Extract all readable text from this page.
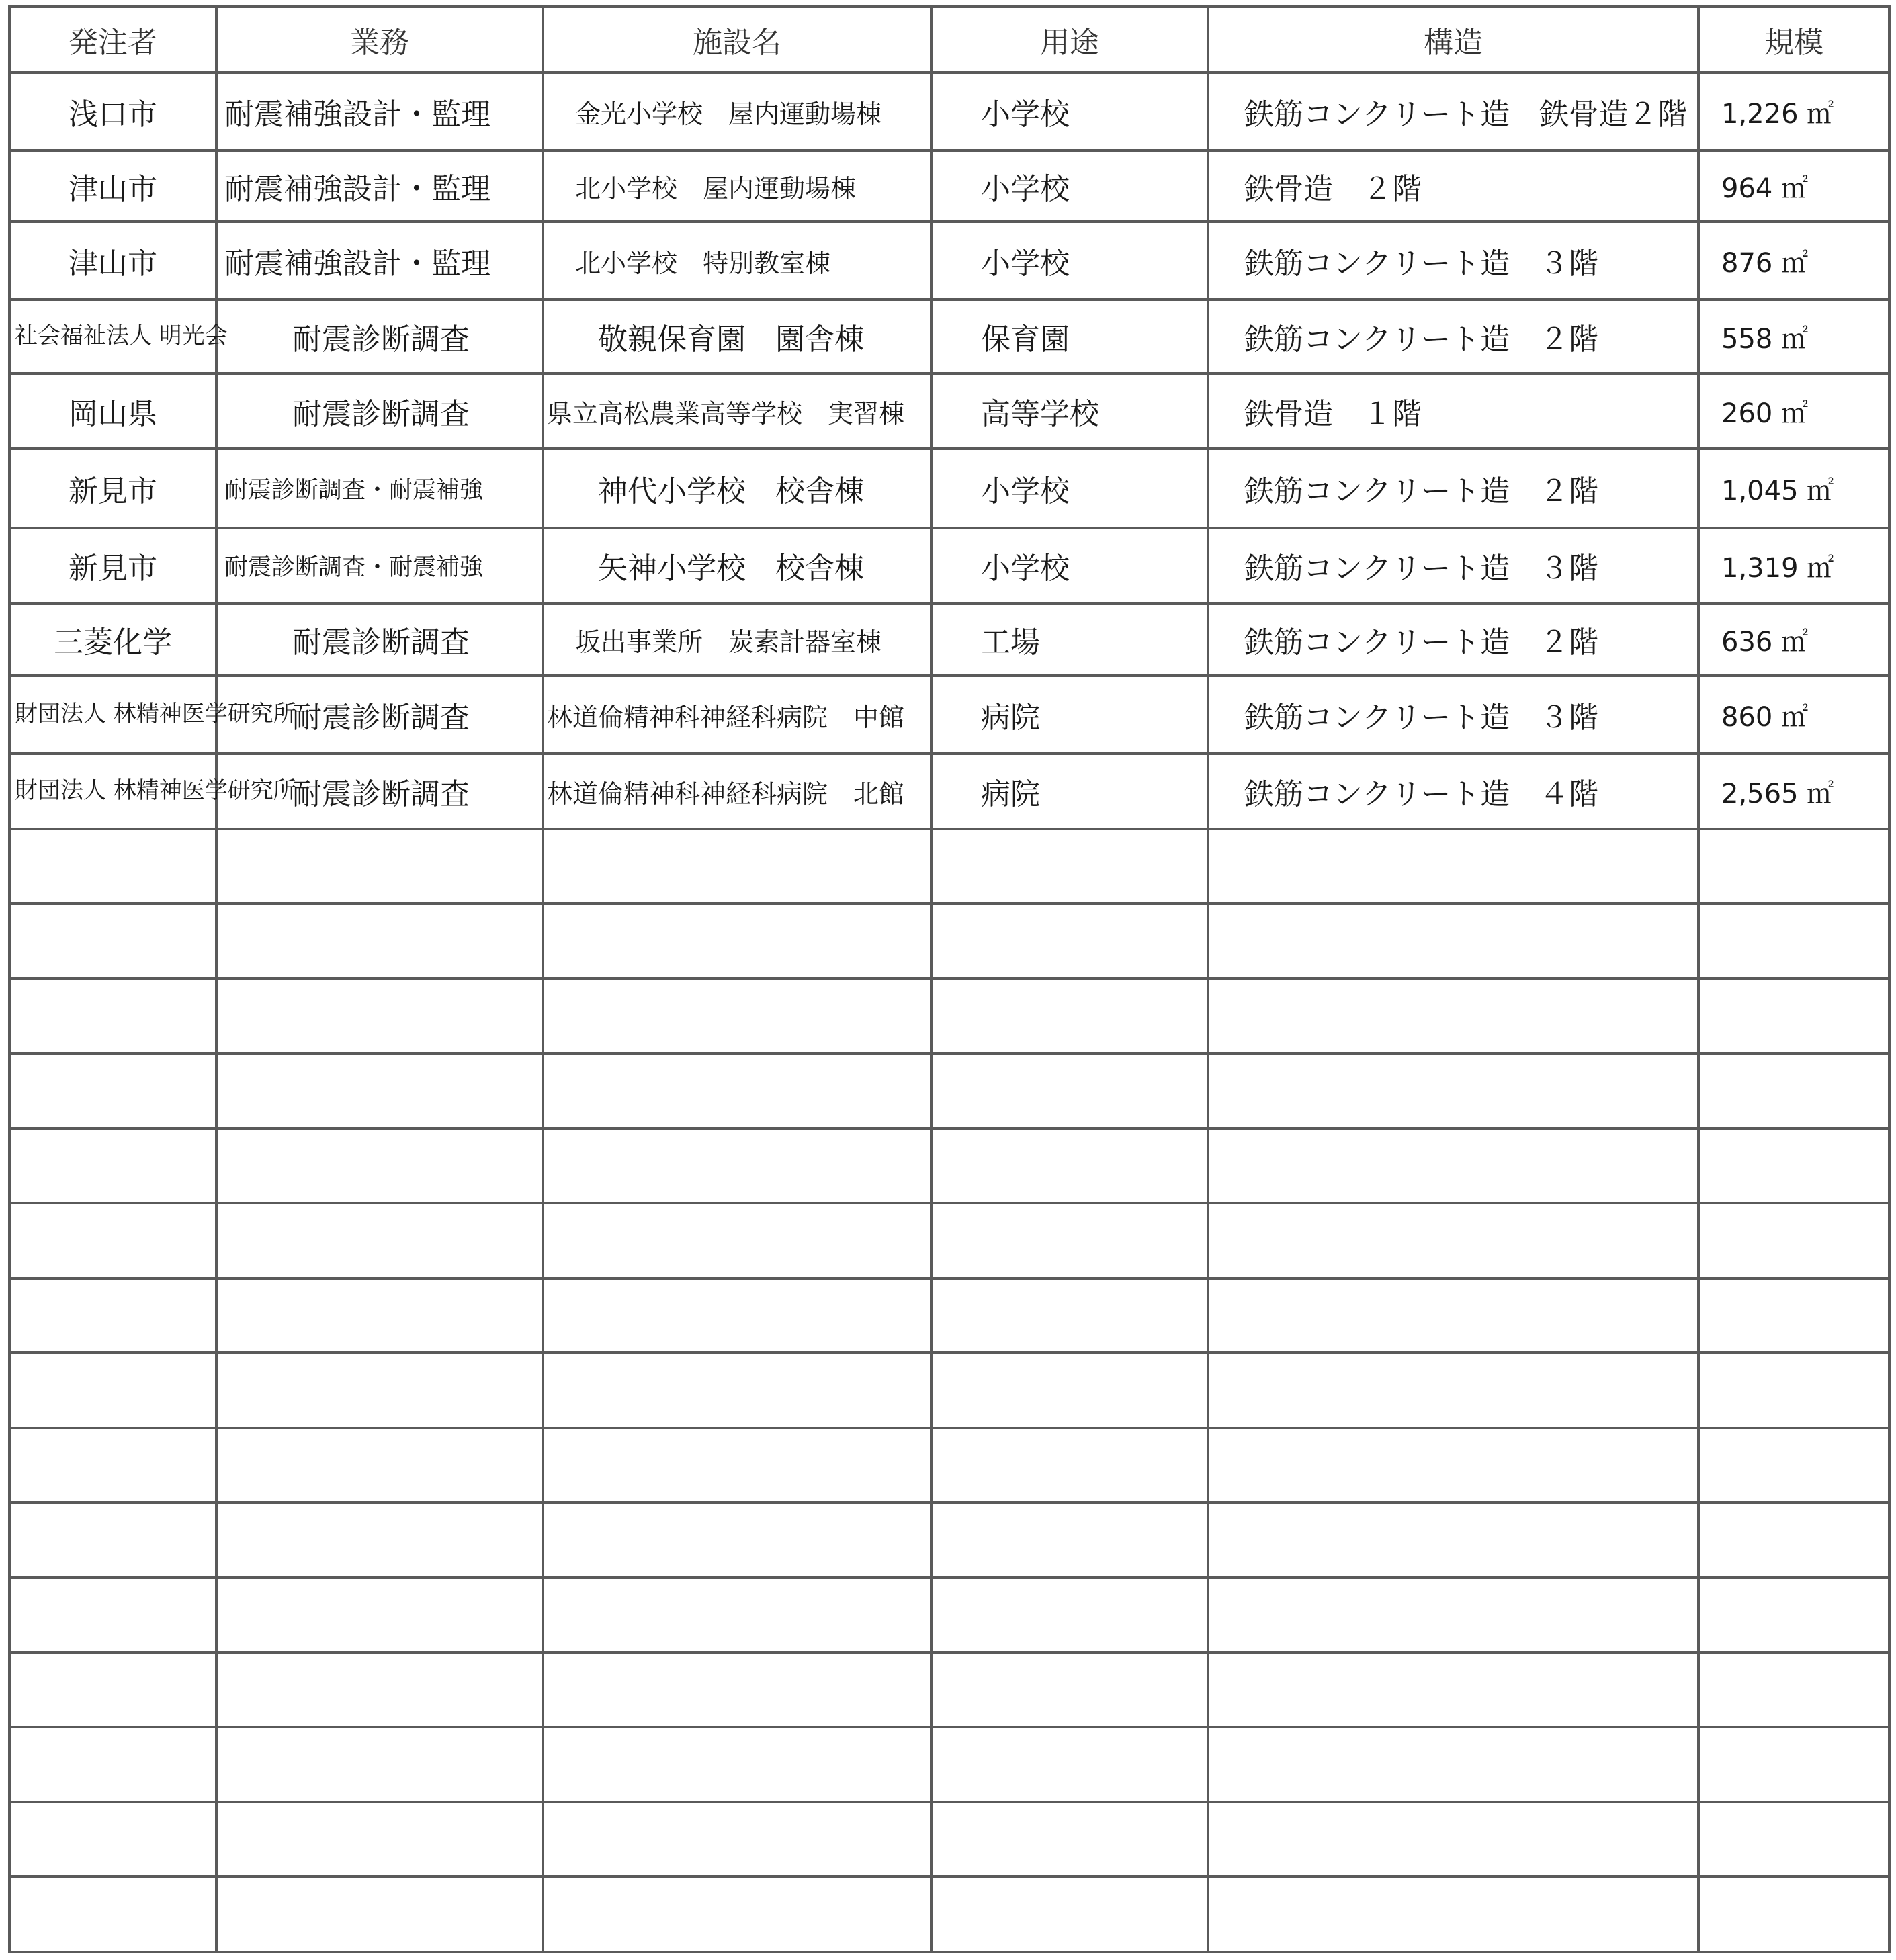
発注者	業務	施設名	用途	構造	規模
浅口市	耐震補強設計・監理	金光小学校　屋内運動場棟	小学校	鉄筋コンクリート造　鉄骨造２階	1,226 ㎡
津山市	耐震補強設計・監理	北小学校　屋内運動場棟	小学校	鉄骨造　２階	964 ㎡
津山市	耐震補強設計・監理	北小学校　特別教室棟	小学校	鉄筋コンクリート造　３階	876 ㎡
社会福祉法人 明光会	耐震診断調査	敬親保育園　園舎棟	保育園	鉄筋コンクリート造　２階	558 ㎡
岡山県	耐震診断調査	県立高松農業高等学校　実習棟	高等学校	鉄骨造　１階	260 ㎡
新見市	耐震診断調査・耐震補強	神代小学校　校舎棟	小学校	鉄筋コンクリート造　２階	1,045 ㎡
新見市	耐震診断調査・耐震補強	矢神小学校　校舎棟	小学校	鉄筋コンクリート造　３階	1,319 ㎡
三菱化学	耐震診断調査	坂出事業所　炭素計器室棟	工場	鉄筋コンクリート造　２階	636 ㎡
財団法人 林精神医学研究所	耐震診断調査	林道倫精神科神経科病院　中館	病院	鉄筋コンクリート造　３階	860 ㎡
財団法人 林精神医学研究所	耐震診断調査	林道倫精神科神経科病院　北館	病院	鉄筋コンクリート造　４階	2,565 ㎡
